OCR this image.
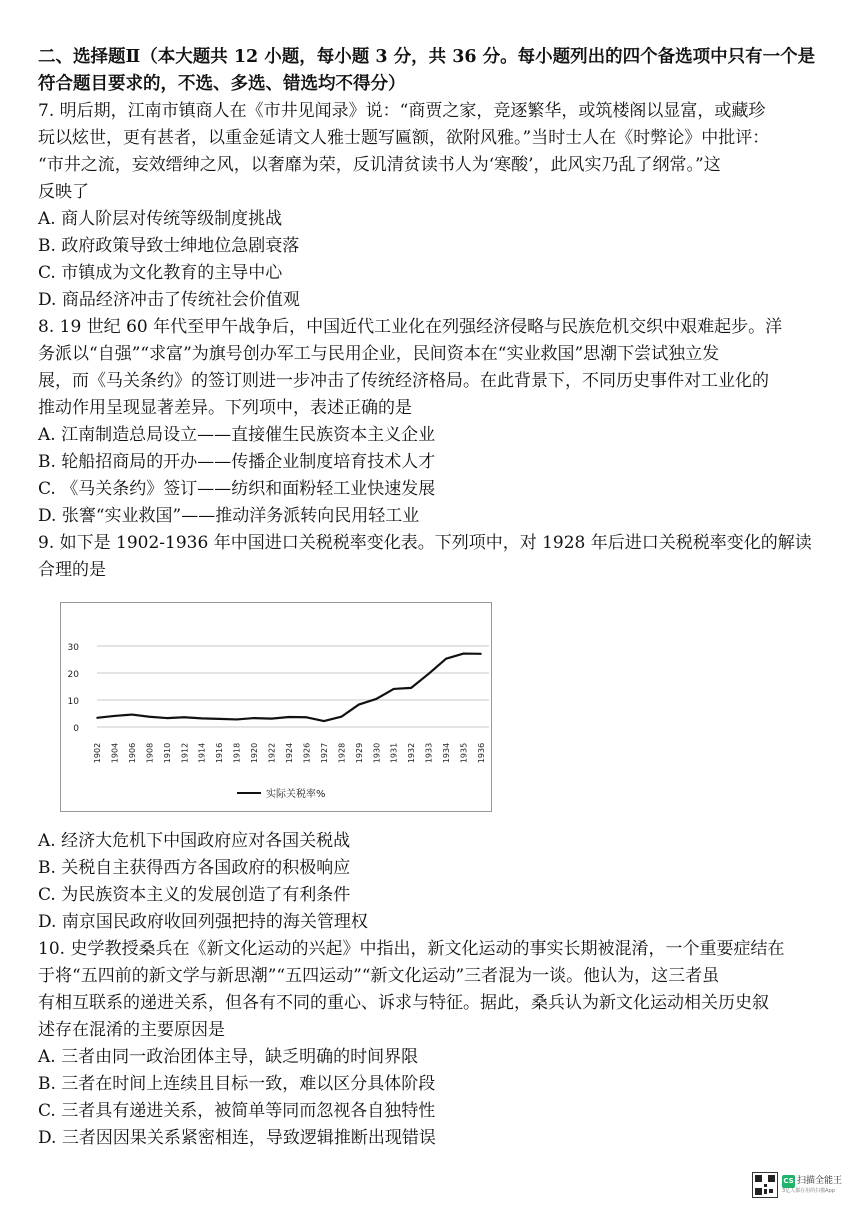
二、选择题Ⅱ（本大题共 12 小题，每小题 3 分，共 36 分。每小题列出的四个备选项中只有一个是

符合题目要求的，不选、多选、错选均不得分）

7. 明后期，江南市镇商人在《市井见闻录》说：“商贾之家，竞逐繁华，或筑楼阁以显富，或藏珍

玩以炫世，更有甚者，以重金延请文人雅士题写匾额，欲附风雅。”当时士人在《时弊论》中批评：

“市井之流，妄效缙绅之风，以奢靡为荣，反讥清贫读书人为‘寒酸’，此风实乃乱了纲常。”这

反映了

A. 商人阶层对传统等级制度挑战

B. 政府政策导致士绅地位急剧衰落

C. 市镇成为文化教育的主导中心

D. 商品经济冲击了传统社会价值观

8. 19 世纪 60 年代至甲午战争后，中国近代工业化在列强经济侵略与民族危机交织中艰难起步。洋

务派以“自强”“求富”为旗号创办军工与民用企业，民间资本在“实业救国”思潮下尝试独立发

展，而《马关条约》的签订则进一步冲击了传统经济格局。在此背景下，不同历史事件对工业化的

推动作用呈现显著差异。下列项中，表述正确的是

A. 江南制造总局设立——直接催生民族资本主义企业

B. 轮船招商局的开办——传播企业制度培育技术人才

C. 《马关条约》签订——纺织和面粉轻工业快速发展

D. 张謇“实业救国”——推动洋务派转向民用轻工业

9. 如下是 1902-1936 年中国进口关税税率变化表。下列项中，对 1928 年后进口关税税率变化的解读

合理的是

0
10
20
30
1902 1904 1906 1908 1910 1912 1914 1916 1918 1920 1922 1924 1926 1927 1928 1929 1930 1931 1932 1933 1934 1935 1936
实际关税率%

A. 经济大危机下中国政府应对各国关税战

B. 关税自主获得西方各国政府的积极响应

C. 为民族资本主义的发展创造了有利条件

D. 南京国民政府收回列强把持的海关管理权

10. 史学教授桑兵在《新文化运动的兴起》中指出，新文化运动的事实长期被混淆，一个重要症结在

于将“五四前的新文学与新思潮”“五四运动”“新文化运动”三者混为一谈。他认为，这三者虽

有相互联系的递进关系，但各有不同的重心、诉求与特征。据此，桑兵认为新文化运动相关历史叙

述存在混淆的主要原因是

A. 三者由同一政治团体主导，缺乏明确的时间界限

B. 三者在时间上连续且目标一致，难以区分具体阶段

C. 三者具有递进关系，被简单等同而忽视各自独特性

D. 三者因因果关系紧密相连，导致逻辑推断出现错误

CS 扫描全能王
3亿人都在用的扫描App
